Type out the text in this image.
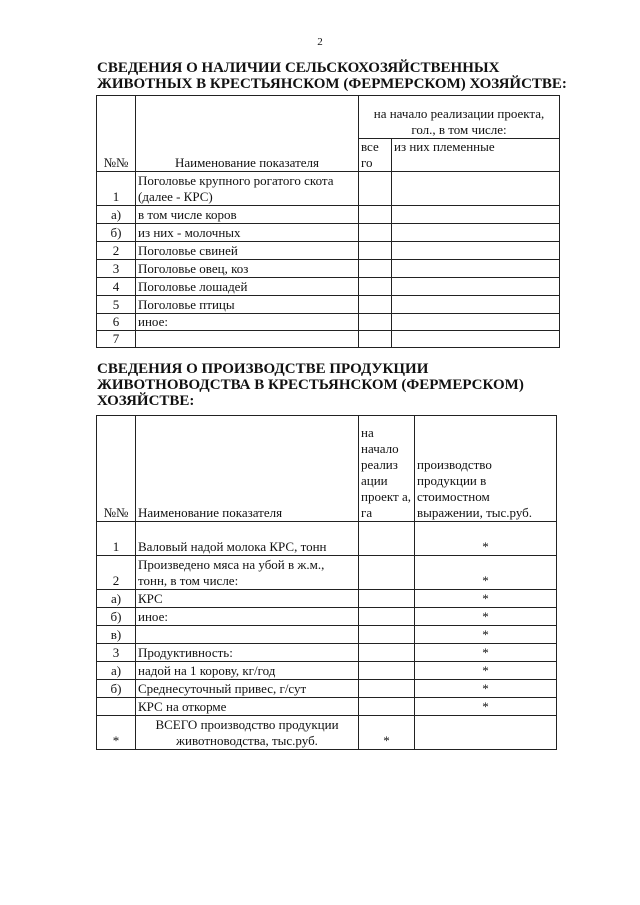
2
СВЕДЕНИЯ О НАЛИЧИИ СЕЛЬСКОХОЗЯЙСТВЕННЫХ
ЖИВОТНЫХ В КРЕСТЬЯНСКОМ (ФЕРМЕРСКОМ) ХОЗЯЙСТВЕ:
№№	Наименование показателя	на начало реализации проекта, гол., в том числе:	
		все го	из них племенные
1	Поголовье крупного рогатого скота (далее - КРС)		
а)	в том числе коров		
б)	из них - молочных		
2	Поголовье свиней		
3	Поголовье овец, коз		
4	Поголовье лошадей		
5	Поголовье птицы		
6	иное:		
7			
СВЕДЕНИЯ О ПРОИЗВОДСТВЕ ПРОДУКЦИИ
ЖИВОТНОВОДСТВА В КРЕСТЬЯНСКОМ (ФЕРМЕРСКОМ)
ХОЗЯЙСТВЕ:
№№	Наименование показателя	на начало реализ ации проект а, га	производство продукции в стоимостном выражении, тыс.руб.
1	Валовый надой молока КРС, тонн		*
2	Произведено мяса на убой в ж.м., тонн, в том числе:		*
а)	КРС		*
б)	иное:		*
в)			*
3	Продуктивность:		*
а)	надой на 1 корову, кг/год		*
б)	Среднесуточный привес, г/сут		*
	КРС на откорме		*
*	ВСЕГО производство продукции животноводства, тыс.руб.	*	
